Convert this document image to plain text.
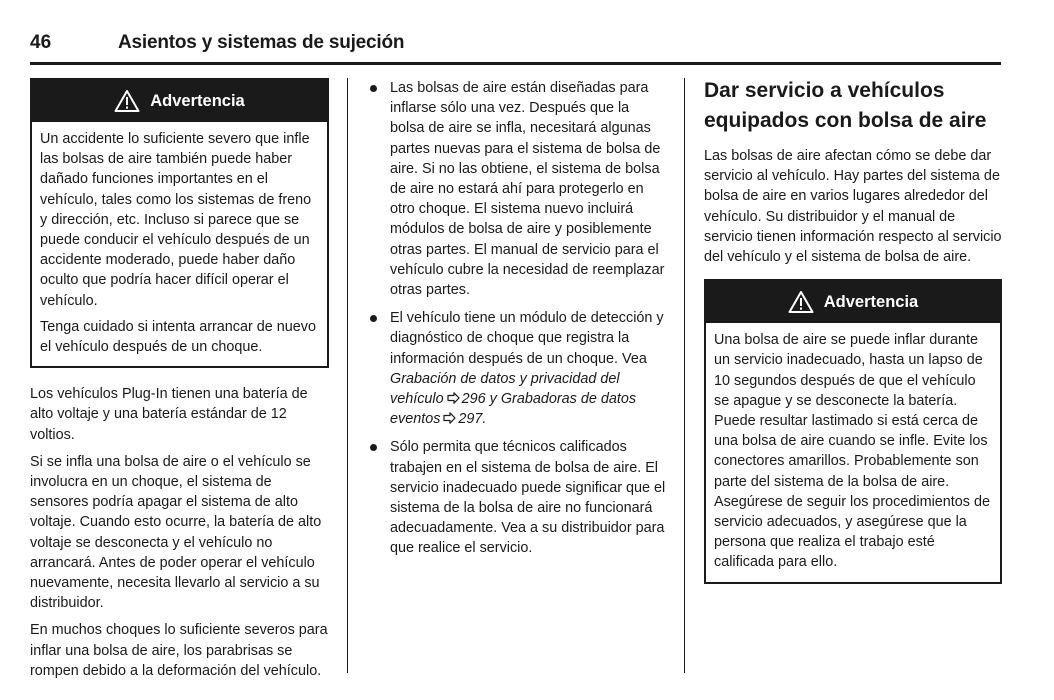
46	Asientos y sistemas de sujeción
Advertencia

Un accidente lo suficiente severo que infle las bolsas de aire también puede haber dañado funciones importantes en el vehículo, tales como los sistemas de freno y dirección, etc. Incluso si parece que se puede conducir el vehículo después de un accidente moderado, puede haber daño oculto que podría hacer difícil operar el vehículo.

Tenga cuidado si intenta arrancar de nuevo el vehículo después de un choque.

Los vehículos Plug-In tienen una batería de alto voltaje y una batería estándar de 12 voltios.

Si se infla una bolsa de aire o el vehículo se involucra en un choque, el sistema de sensores podría apagar el sistema de alto voltaje. Cuando esto ocurre, la batería de alto voltaje se desconecta y el vehículo no arrancará. Antes de poder operar el vehículo nuevamente, necesita llevarlo al servicio a su distribuidor.

En muchos choques lo suficiente severos para inflar una bolsa de aire, los parabrisas se rompen debido a la deformación del vehículo.

Las bolsas de aire están diseñadas para inflarse sólo una vez. Después que la bolsa de aire se infla, necesitará algunas partes nuevas para el sistema de bolsa de aire. Si no las obtiene, el sistema de bolsa de aire no estará ahí para protegerlo en otro choque. El sistema nuevo incluirá módulos de bolsa de aire y posiblemente otras partes. El manual de servicio para el vehículo cubre la necesidad de reemplazar otras partes.
El vehículo tiene un módulo de detección y diagnóstico de choque que registra la información después de un choque. Vea Grabación de datos y privacidad del vehículo 296 y Grabadoras de datos eventos 297.
Sólo permita que técnicos calificados trabajen en el sistema de bolsa de aire. El servicio inadecuado puede significar que el sistema de la bolsa de aire no funcionará adecuadamente. Vea a su distribuidor para que realice el servicio.
Dar servicio a vehículos equipados con bolsa de aire

Las bolsas de aire afectan cómo se debe dar servicio al vehículo. Hay partes del sistema de bolsa de aire en varios lugares alrededor del vehículo. Su distribuidor y el manual de servicio tienen información respecto al servicio del vehículo y el sistema de bolsa de aire.

Advertencia

Una bolsa de aire se puede inflar durante un servicio inadecuado, hasta un lapso de 10 segundos después de que el vehículo se apague y se desconecte la batería. Puede resultar lastimado si está cerca de una bolsa de aire cuando se infle. Evite los conectores amarillos. Probablemente son parte del sistema de la bolsa de aire. Asegúrese de seguir los procedimientos de servicio adecuados, y asegúrese que la persona que realiza el trabajo esté calificada para ello.
